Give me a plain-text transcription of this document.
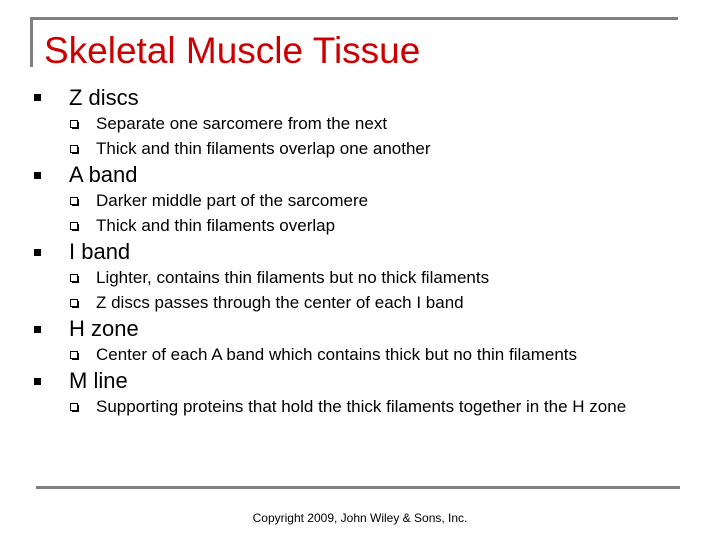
Skeletal Muscle Tissue
Z discs
Separate one sarcomere from the next
Thick and thin filaments overlap one another
A band
Darker middle part of the sarcomere
Thick and thin filaments overlap
I band
Lighter, contains thin filaments but no thick filaments
Z discs passes through the center of each I band
H zone
Center of each A band which contains thick but no thin filaments
M line
Supporting proteins that hold the thick filaments together in the H zone
Copyright 2009, John Wiley & Sons, Inc.
